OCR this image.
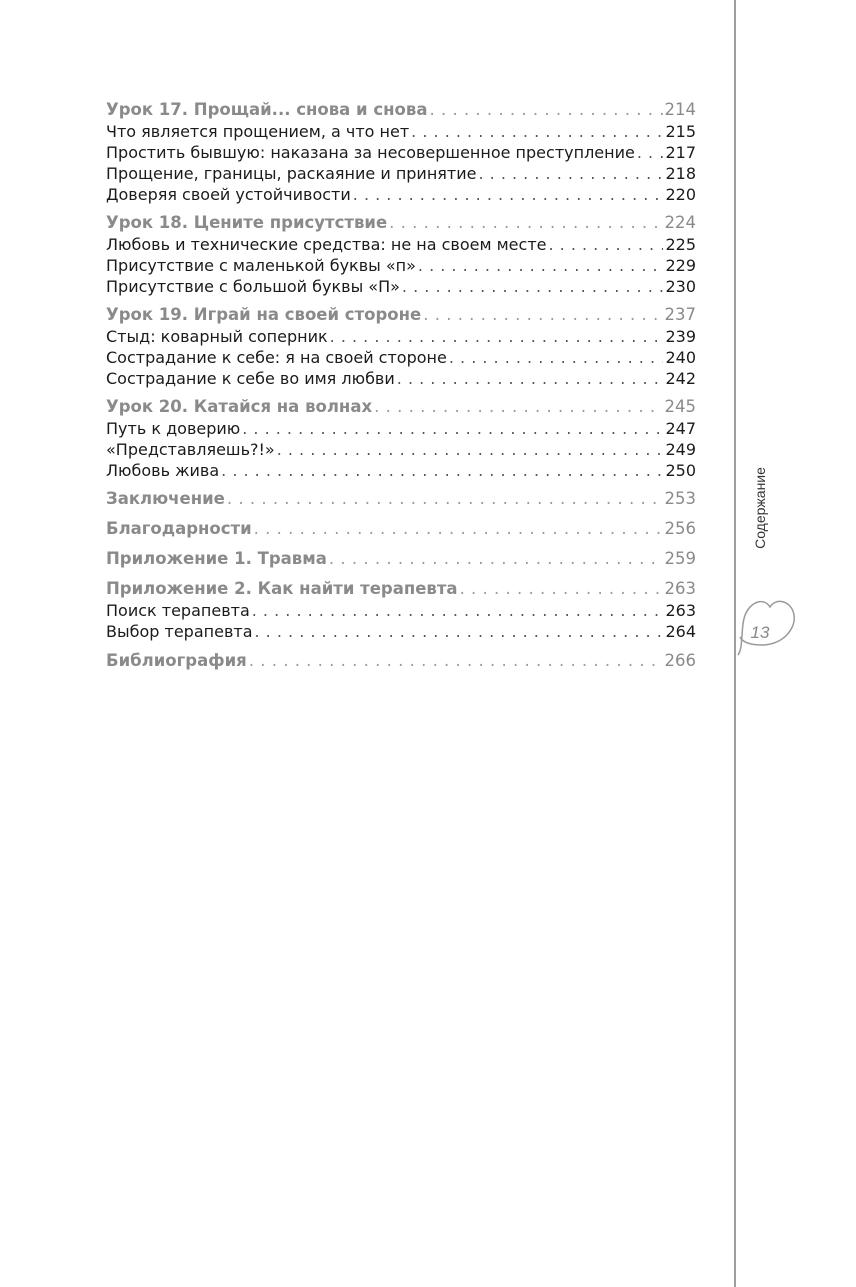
Урок 17. Прощай... снова и снова . . .	214
Что является прощением, а что нет . . .	215
Простить бывшую: наказана за несовершенное преступление . . . 217
Прощение, границы, раскаяние и принятие . . .	218
Доверяя своей устойчивости . . .	220
Урок 18. Цените присутствие . . .	224
Любовь и технические средства: не на своем месте . . .	225
Присутствие с маленькой буквы «п» . . .	229
Присутствие с большой буквы «П» . . .	230
Урок 19. Играй на своей стороне . . .	237
Стыд: коварный соперник . . .	239
Сострадание к себе: я на своей стороне . . .	240
Сострадание к себе во имя любви . . .	242
Урок 20. Катайся на волнах . . .	245
Путь к доверию . . .	247
«Представляешь?!» . . .	249
Любовь жива . . .	250
Заключение . . .	253
Благодарности . . .	256
Приложение 1. Травма . . .	259
Приложение 2. Как найти терапевта . . .	263
Поиск терапевта . . .	263
Выбор терапевта . . .	264
Библиография . . .	266
Содержание
13
